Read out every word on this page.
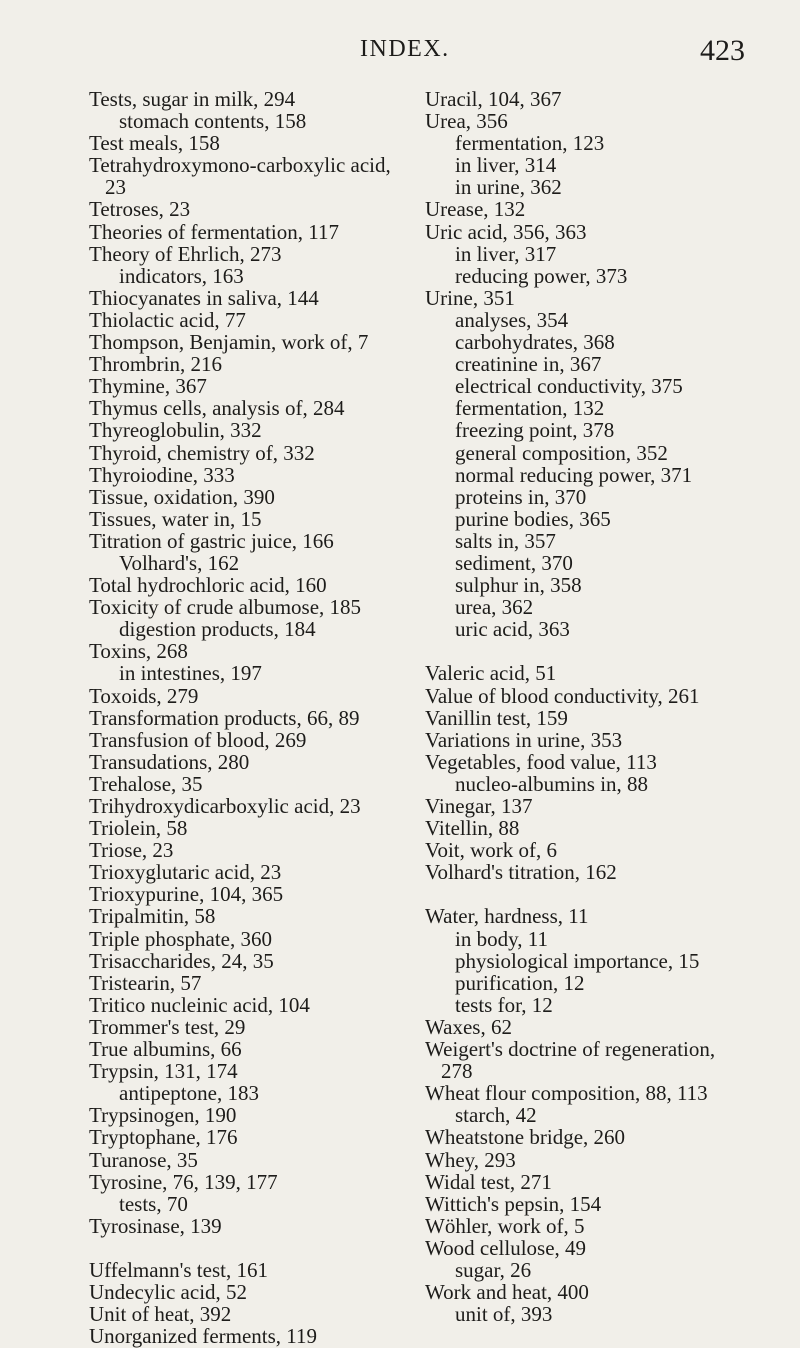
INDEX.	423
Tests, sugar in milk, 294
stomach contents, 158
Test meals, 158
Tetrahydroxymono-carboxylic acid,
23
Tetroses, 23
Theories of fermentation, 117
Theory of Ehrlich, 273
indicators, 163
Thiocyanates in saliva, 144
Thiolactic acid, 77
Thompson, Benjamin, work of, 7
Thrombrin, 216
Thymine, 367
Thymus cells, analysis of, 284
Thyreoglobulin, 332
Thyroid, chemistry of, 332
Thyroiodine, 333
Tissue, oxidation, 390
Tissues, water in, 15
Titration of gastric juice, 166
Volhard's, 162
Total hydrochloric acid, 160
Toxicity of crude albumose, 185
digestion products, 184
Toxins, 268
in intestines, 197
Toxoids, 279
Transformation products, 66, 89
Transfusion of blood, 269
Transudations, 280
Trehalose, 35
Trihydroxydicarboxylic acid, 23
Triolein, 58
Triose, 23
Trioxyglutaric acid, 23
Trioxypurine, 104, 365
Tripalmitin, 58
Triple phosphate, 360
Trisaccharides, 24, 35
Tristearin, 57
Tritico nucleinic acid, 104
Trommer's test, 29
True albumins, 66
Trypsin, 131, 174
antipeptone, 183
Trypsinogen, 190
Tryptophane, 176
Turanose, 35
Tyrosine, 76, 139, 177
tests, 70
Tyrosinase, 139
Uffelmann's test, 161
Undecylic acid, 52
Unit of heat, 392
Unorganized ferments, 119
Uracil, 104, 367
Urea, 356
fermentation, 123
in liver, 314
in urine, 362
Urease, 132
Uric acid, 356, 363
in liver, 317
reducing power, 373
Urine, 351
analyses, 354
carbohydrates, 368
creatinine in, 367
electrical conductivity, 375
fermentation, 132
freezing point, 378
general composition, 352
normal reducing power, 371
proteins in, 370
purine bodies, 365
salts in, 357
sediment, 370
sulphur in, 358
urea, 362
uric acid, 363
Valeric acid, 51
Value of blood conductivity, 261
Vanillin test, 159
Variations in urine, 353
Vegetables, food value, 113
nucleo-albumins in, 88
Vinegar, 137
Vitellin, 88
Voit, work of, 6
Volhard's titration, 162
Water, hardness, 11
in body, 11
physiological importance, 15
purification, 12
tests for, 12
Waxes, 62
Weigert's doctrine of regeneration,
278
Wheat flour composition, 88, 113
starch, 42
Wheatstone bridge, 260
Whey, 293
Widal test, 271
Wittich's pepsin, 154
Wöhler, work of, 5
Wood cellulose, 49
sugar, 26
Work and heat, 400
unit of, 393
